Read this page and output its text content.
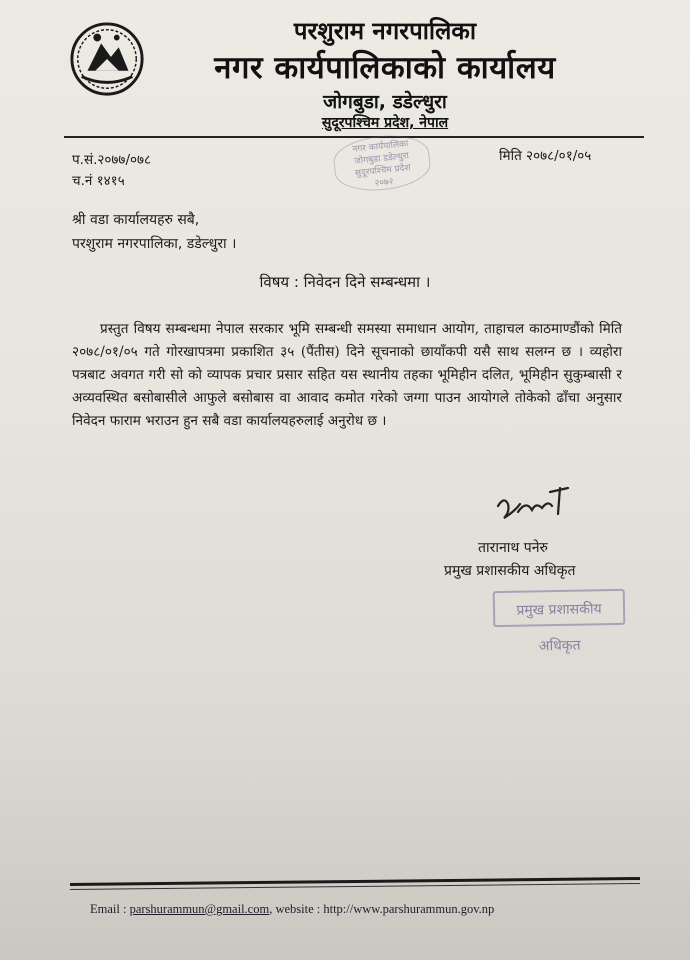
परशुराम नगरपालिका
नगर कार्यपालिकाको कार्यालय
जोगबुडा, डडेल्धुरा
सुदूरपश्चिम प्रदेश, नेपाल
नगर कार्यपालिका
जोगबुडा डडेल्धुरा
सुदूरपश्चिम प्रदेश
२०७२
प.सं.२०७७/०७८
च.नं १४१५
मिति २०७८/०१/०५
श्री वडा कार्यालयहरु सबै,
परशुराम नगरपालिका, डडेल्धुरा ।
विषय : निवेदन दिने सम्बन्धमा ।

प्रस्तुत विषय सम्बन्धमा नेपाल सरकार भूमि सम्बन्धी समस्या समाधान आयोग, ताहाचल काठमाण्डौंको मिति २०७८/०१/०५ गते गोरखापत्रमा प्रकाशित ३५ (पैंतीस) दिने सूचनाको छायाँकपी यसै साथ सलग्न छ । व्यहोरा पत्रबाट अवगत गरी सो को व्यापक प्रचार प्रसार सहित यस स्थानीय तहका भूमिहीन दलित, भूमिहीन सुकुम्बासी र अव्यवस्थित बसोबासीले आफुले बसोबास वा आवाद कमोत गरेको जग्गा पाउन आयोगले तोकेको ढाँचा अनुसार निवेदन फाराम भराउन हुन सबै वडा कार्यालयहरुलाई अनुरोध छ ।

तारानाथ पनेरु
प्रमुख प्रशासकीय अधिकृत
प्रमुख प्रशासकीय अधिकृत
Email : parshurammun@gmail.com, website : http://www.parshurammun.gov.np
